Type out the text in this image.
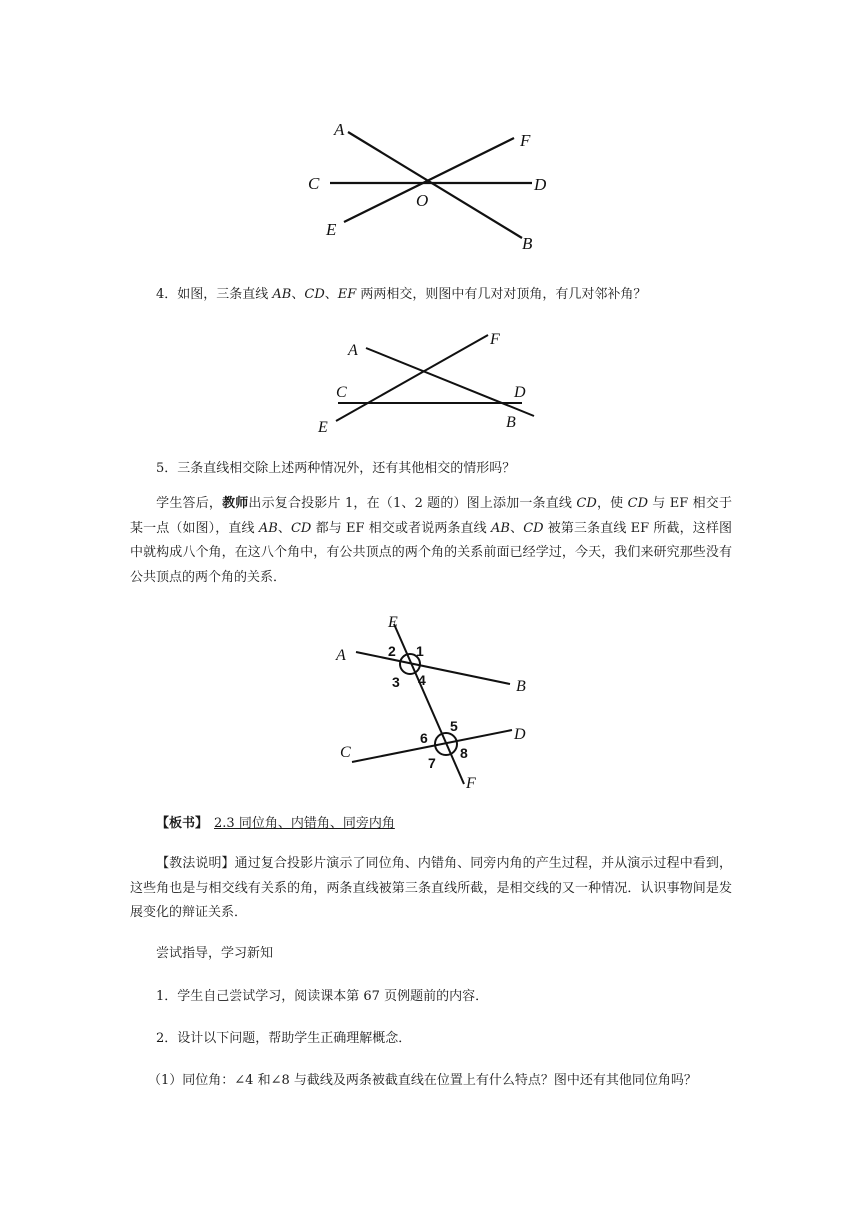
A
F
C	D
O
E
B
4．如图，三条直线 AB、CD、EF 两两相交，则图中有几对对顶角，有几对邻补角？
A
F
C	D
E	B
5．三条直线相交除上述两种情况外，还有其他相交的情形吗？
学生答后，教师出示复合投影片 1，在（1、2 题的）图上添加一条直线 CD，使 CD 与 EF 相交于某一点（如图），直线 AB、CD 都与 EF 相交或者说两条直线 AB、CD 被第三条直线 EF 所截，这样图中就构成八个角，在这八个角中，有公共顶点的两个角的关系前面已经学过，今天，我们来研究那些没有公共顶点的两个角的关系．
E
A
B
C
D
F
1
2
3 4
5
6
7
8
【板书】 2.3 同位角、内错角、同旁内角
【教法说明】通过复合投影片演示了同位角、内错角、同旁内角的产生过程，并从演示过程中看到，这些角也是与相交线有关系的角，两条直线被第三条直线所截，是相交线的又一种情况．认识事物间是发展变化的辩证关系．
尝试指导，学习新知
1．学生自己尝试学习，阅读课本第 67 页例题前的内容．
2．设计以下问题，帮助学生正确理解概念．
（1）同位角：∠4 和∠8 与截线及两条被截直线在位置上有什么特点？图中还有其他同位角吗？
